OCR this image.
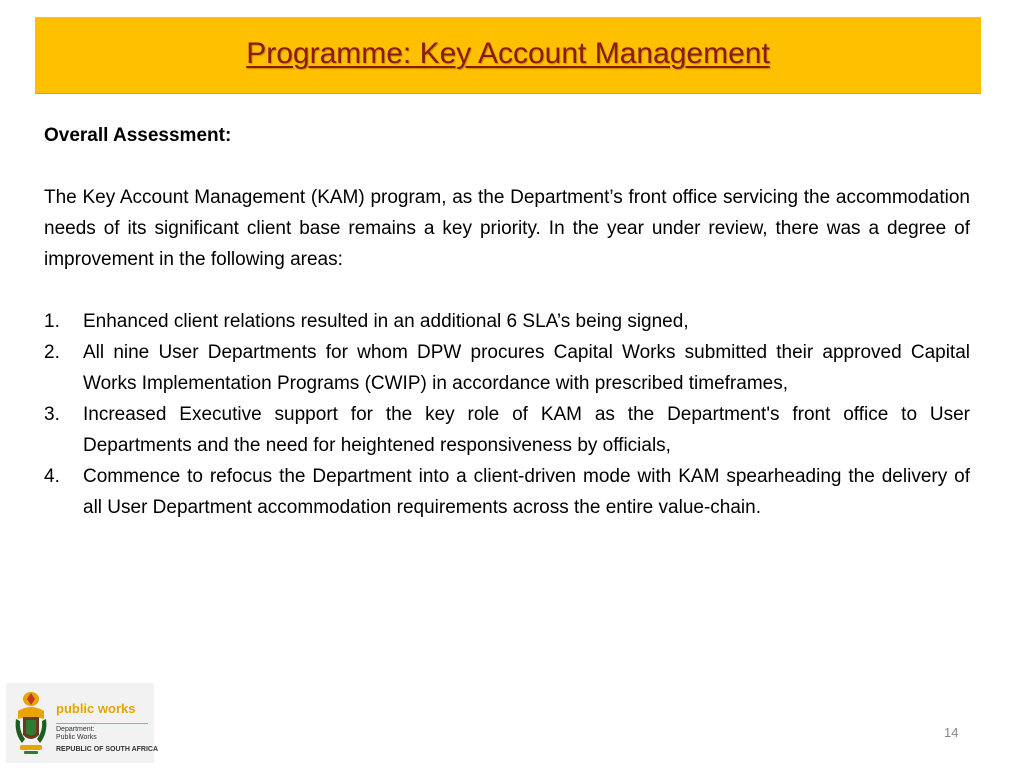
Programme: Key Account Management

Overall Assessment:

The Key Account Management (KAM) program, as the Department’s front office servicing the accommodation needs of its significant client base remains a key priority. In the year under review, there was a degree of improvement in the following areas:

1. Enhanced client relations resulted in an additional 6 SLA’s being signed,
2. All nine User Departments for whom DPW procures Capital Works submitted their approved Capital Works Implementation Programs (CWIP) in accordance with prescribed timeframes,
3. Increased Executive support for the key role of KAM as the Department's front office to User Departments and the need for heightened responsiveness by officials,
4. Commence to refocus the Department into a client-driven mode with KAM spearheading the delivery of all User Department accommodation requirements across the entire value-chain.
public works
Department:
Public Works
REPUBLIC OF SOUTH AFRICA
14
